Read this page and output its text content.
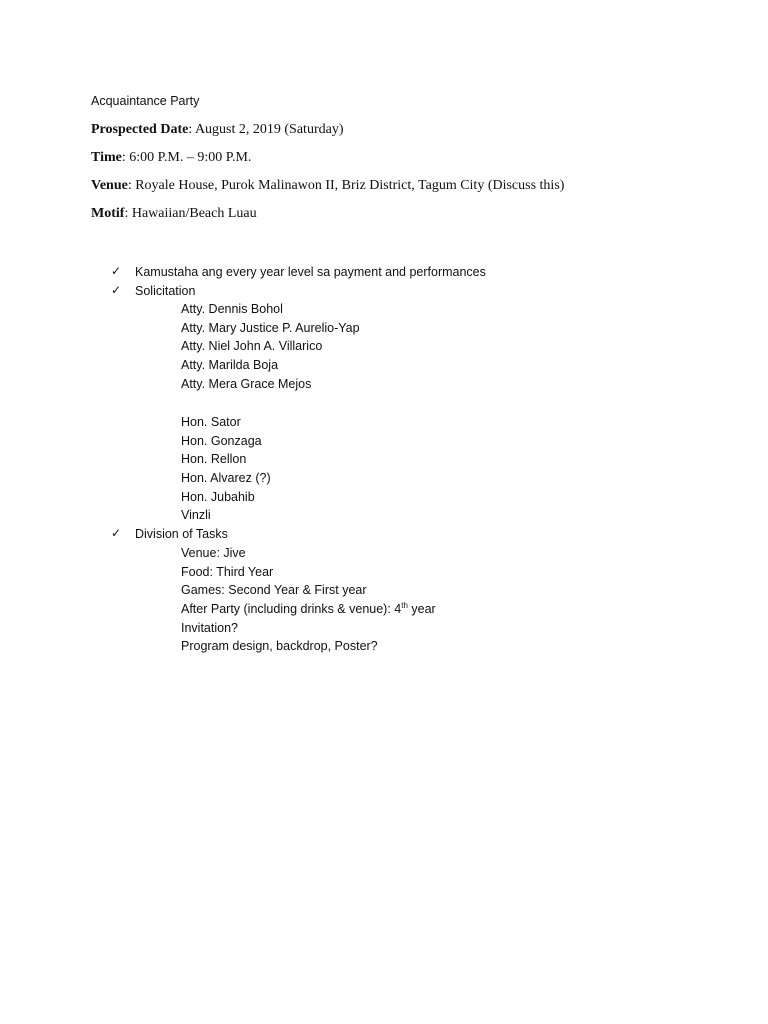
Acquaintance Party
Prospected Date: August 2, 2019 (Saturday)
Time: 6:00 P.M. – 9:00 P.M.
Venue: Royale House, Purok Malinawon II, Briz District, Tagum City (Discuss this)
Motif: Hawaiian/Beach Luau
✓ Kamustaha ang every year level sa payment and performances
✓ Solicitation
Atty. Dennis Bohol
Atty. Mary Justice P. Aurelio-Yap
Atty. Niel John A. Villarico
Atty. Marilda Boja
Atty. Mera Grace Mejos
Hon. Sator
Hon. Gonzaga
Hon. Rellon
Hon. Alvarez (?)
Hon. Jubahib
Vinzli
✓ Division of Tasks
Venue: Jive
Food: Third Year
Games: Second Year & First year
After Party (including drinks & venue): 4th year
Invitation?
Program design, backdrop, Poster?
